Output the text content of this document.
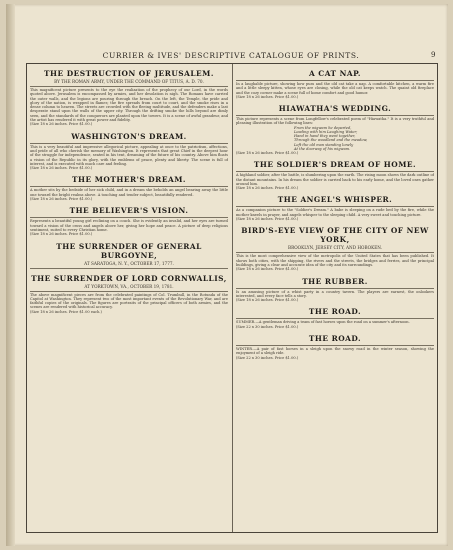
CURRIER & IVES' DESCRIPTIVE CATALOGUE OF PRINTS.	9
THE DESTRUCTION OF JERUSALEM.
BY THE ROMAN ARMY, UNDER THE COMMAND OF TITUS, A. D. 70.
This magnificent picture presents to the eye the realization of the prophecy of our Lord, in the words quoted above. Jerusalem is encompassed by armies, and her desolation is nigh. The Romans have carried the outer walls, and the legions are pouring through the breach. On the left, the Temple, the pride and glory of the nation, is wrapped in flames; the fire spreads from court to court, and the smoke rises in a dense column to heaven. The streets are crowded with the fleeing multitude, and the defenders make a last desperate stand upon the walls of the upper city. Through the drifting smoke the hills beyond are dimly seen, and the standards of the conquerors are planted upon the towers. It is a scene of awful grandeur, and the artist has rendered it with great power and fidelity.
(Size 18 x 26 inches. Price $1.00.)
WASHINGTON'S DREAM.
This is a very beautiful and impressive allegorical picture, appealing at once to the patriotism, affections, and pride of all who cherish the memory of Washington. It represents that great Chief in the deepest hour of the struggle for independence, seated in his tent, dreaming of the future of his country. Above him floats a vision of the Republic in its glory, with the emblems of peace, plenty and liberty. The scene is full of interest, and is executed with much care and feeling.
(Size 18 x 26 inches. Price $1.00.)
THE MOTHER'S DREAM.
A mother sits by the bedside of her sick child, and in a dream she beholds an angel bearing away the little one toward the bright realms above. A touching and tender subject, beautifully rendered.
(Size 18 x 26 inches. Price $1.00.)
THE BELIEVER'S VISION.
Represents a beautiful young girl reclining on a couch. She is evidently an invalid, and her eyes are turned toward a vision of the cross and angels above her, giving her hope and peace. A picture of deep religious sentiment, suited to every Christian home.
(Size 18 x 26 inches. Price $1.00.)
THE SURRENDER OF GENERAL BURGOYNE,
AT SARATOGA, N. Y., OCTOBER 17, 1777.
THE SURRENDER OF LORD CORNWALLIS,
AT YORKTOWN, VA., OCTOBER 19, 1781.
The above magnificent pieces are from the celebrated paintings of Col. Trumbull, in the Rotunda of the Capitol at Washington. They represent two of the most important events of the Revolutionary War, and are faithful copies of the originals. The figures are portraits of the principal officers of both armies, and the scenes are rendered with historical accuracy.
(Size 18 x 26 inches. Price $1.00 each.)
A CAT NAP.
In a laughable picture, showing how puss and the old cat take a nap. A comfortable kitchen, a warm fire and a little sleepy kitten, whose eyes are closing, while the old cat keeps watch. The quaint old fireplace and the cozy corner make a scene full of home comfort and good humor.
(Size 18 x 26 inches. Price $1.00.)
HIAWATHA'S WEDDING.
This picture represents a scene from Longfellow's celebrated poem of "Hiawatha." It is a very truthful and pleasing illustration of the following lines:
From the wigwam he departed,
Leading with him Laughing Water;
Hand in hand they went together,
Through the woodland and the meadow,
Left the old man standing lonely
At the doorway of his wigwam.
(Size 18 x 26 inches. Price $1.00.)
THE SOLDIER'S DREAM OF HOME.
A highland soldier, after the battle, is slumbering upon the earth. The rising moon shows the dark outline of the distant mountains. In his dream the soldier is carried back to his early home, and the loved ones gather around him.
(Size 18 x 26 inches. Price $1.00.)
THE ANGEL'S WHISPER.
As a companion picture to the "Soldier's Dream." A babe is sleeping on a rude bed by the fire, while the mother kneels in prayer, and angels whisper to the sleeping child. A very sweet and touching picture.
(Size 18 x 26 inches. Price $1.00.)
BIRD'S-EYE VIEW OF THE CITY OF NEW YORK,
BROOKLYN, JERSEY CITY, AND HOBOKEN.
This is the most comprehensive view of the metropolis of the United States that has been published. It shows both cities, with the shipping, the rivers and the streets, the bridges and ferries, and the principal buildings, giving a clear and accurate idea of the city and its surroundings.
(Size 18 x 26 inches. Price $1.00.)
THE RUBBER.
Is an amusing picture of a whist party in a country tavern. The players are earnest, the onlookers interested, and every face tells a story.
(Size 18 x 26 inches. Price $1.00.)
THE ROAD.
SUMMER.—A gentleman driving a team of fast horses upon the road on a summer's afternoon.
(Size 22 x 30 inches. Price $1.00.)
THE ROAD.
WINTER.—A pair of fast horses in a sleigh upon the snowy road in the winter season, showing the enjoyment of a sleigh ride.
(Size 22 x 30 inches. Price $1.00.)
